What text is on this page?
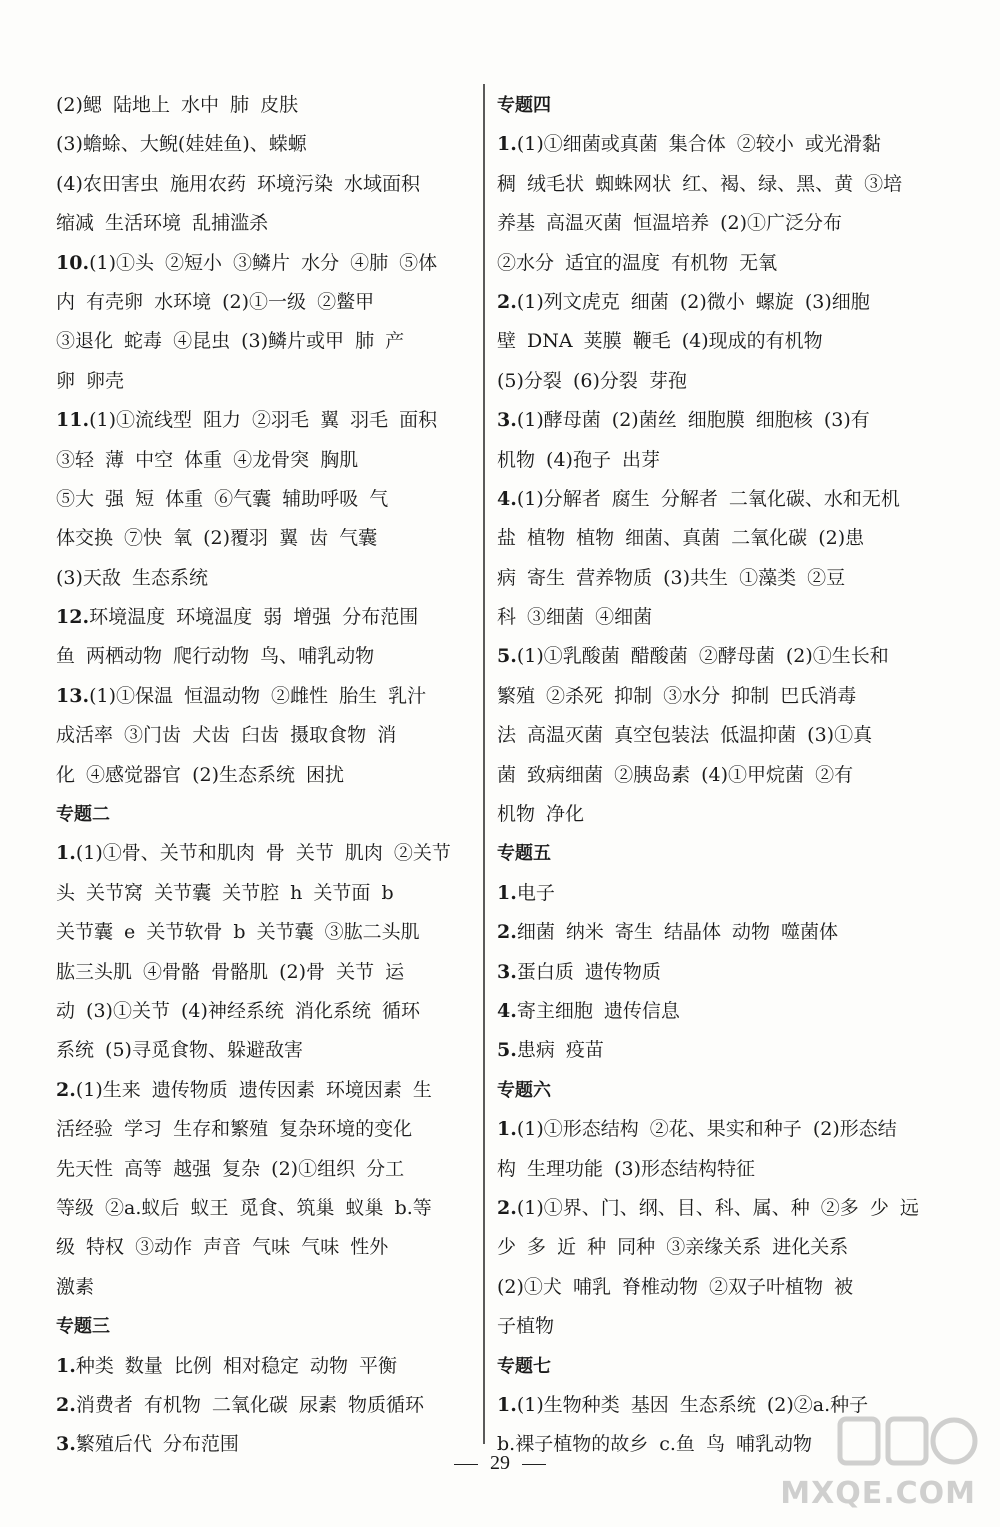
(2)鳃 陆地上 水中 肺 皮肤
(3)蟾蜍、大鲵(娃娃鱼)、蝾螈
(4)农田害虫 施用农药 环境污染 水域面积
缩减 生活环境 乱捕滥杀
10.(1)①头 ②短小 ③鳞片 水分 ④肺 ⑤体
内 有壳卵 水环境 (2)①一级 ②鳖甲
③退化 蛇毒 ④昆虫 (3)鳞片或甲 肺 产
卵 卵壳
11.(1)①流线型 阻力 ②羽毛 翼 羽毛 面积
③轻 薄 中空 体重 ④龙骨突 胸肌
⑤大 强 短 体重 ⑥气囊 辅助呼吸 气
体交换 ⑦快 氧 (2)覆羽 翼 齿 气囊
(3)天敌 生态系统
12.环境温度 环境温度 弱 增强 分布范围
鱼 两栖动物 爬行动物 鸟、哺乳动物
13.(1)①保温 恒温动物 ②雌性 胎生 乳汁
成活率 ③门齿 犬齿 臼齿 摄取食物 消
化 ④感觉器官 (2)生态系统 困扰
专题二
1.(1)①骨、关节和肌肉 骨 关节 肌肉 ②关节
头 关节窝 关节囊 关节腔 h 关节面 b
关节囊 e 关节软骨 b 关节囊 ③肱二头肌
肱三头肌 ④骨骼 骨骼肌 (2)骨 关节 运
动 (3)①关节 (4)神经系统 消化系统 循环
系统 (5)寻觅食物、躲避敌害
2.(1)生来 遗传物质 遗传因素 环境因素 生
活经验 学习 生存和繁殖 复杂环境的变化
先天性 高等 越强 复杂 (2)①组织 分工
等级 ②a.蚁后 蚁王 觅食、筑巢 蚁巢 b.等
级 特权 ③动作 声音 气味 气味 性外
激素
专题三
1.种类 数量 比例 相对稳定 动物 平衡
2.消费者 有机物 二氧化碳 尿素 物质循环
3.繁殖后代 分布范围
专题四
1.(1)①细菌或真菌 集合体 ②较小 或光滑黏
稠 绒毛状 蜘蛛网状 红、褐、绿、黑、黄 ③培
养基 高温灭菌 恒温培养 (2)①广泛分布
②水分 适宜的温度 有机物 无氧
2.(1)列文虎克 细菌 (2)微小 螺旋 (3)细胞
壁 DNA 荚膜 鞭毛 (4)现成的有机物
(5)分裂 (6)分裂 芽孢
3.(1)酵母菌 (2)菌丝 细胞膜 细胞核 (3)有
机物 (4)孢子 出芽
4.(1)分解者 腐生 分解者 二氧化碳、水和无机
盐 植物 植物 细菌、真菌 二氧化碳 (2)患
病 寄生 营养物质 (3)共生 ①藻类 ②豆
科 ③细菌 ④细菌
5.(1)①乳酸菌 醋酸菌 ②酵母菌 (2)①生长和
繁殖 ②杀死 抑制 ③水分 抑制 巴氏消毒
法 高温灭菌 真空包装法 低温抑菌 (3)①真
菌 致病细菌 ②胰岛素 (4)①甲烷菌 ②有
机物 净化
专题五
1.电子
2.细菌 纳米 寄生 结晶体 动物 噬菌体
3.蛋白质 遗传物质
4.寄主细胞 遗传信息
5.患病 疫苗
专题六
1.(1)①形态结构 ②花、果实和种子 (2)形态结
构 生理功能 (3)形态结构特征
2.(1)①界、门、纲、目、科、属、种 ②多 少 远
少 多 近 种 同种 ③亲缘关系 进化关系
(2)①犬 哺乳 脊椎动物 ②双子叶植物 被
子植物
专题七
1.(1)生物种类 基因 生态系统 (2)②a.种子
b.裸子植物的故乡 c.鱼 鸟 哺乳动物
29
MXQE.COM
